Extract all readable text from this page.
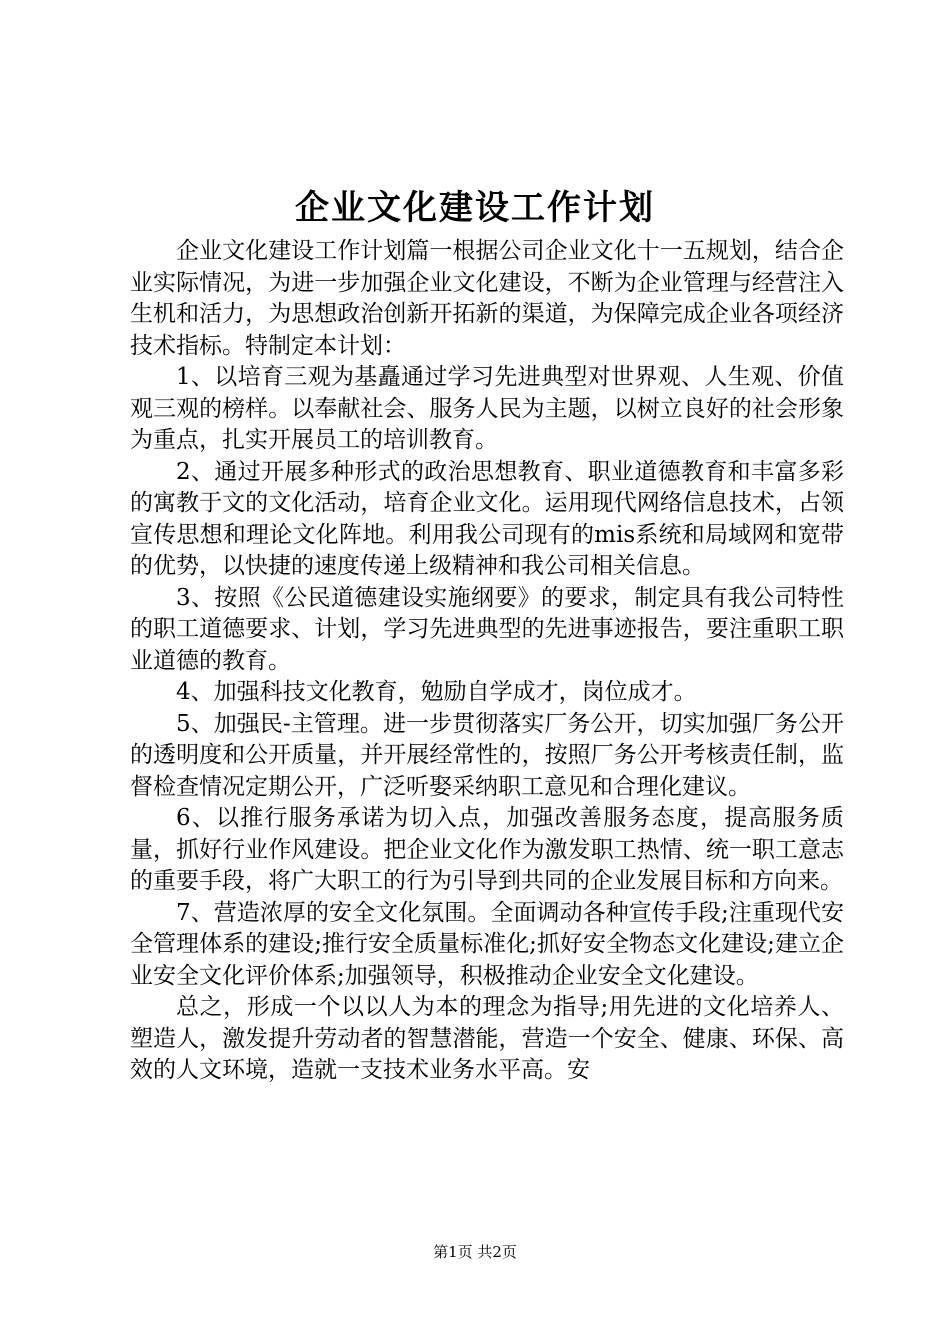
企业文化建设工作计划

企业文化建设工作计划篇一根据公司企业文化十一五规划，结合企业实际情况，为进一步加强企业文化建设，不断为企业管理与经营注入生机和活力，为思想政治创新开拓新的渠道，为保障完成企业各项经济技术指标。特制定本计划：

1、以培育三观为基矗通过学习先进典型对世界观、人生观、价值观三观的榜样。以奉献社会、服务人民为主题，以树立良好的社会形象为重点，扎实开展员工的培训教育。

2、通过开展多种形式的政治思想教育、职业道德教育和丰富多彩的寓教于文的文化活动，培育企业文化。运用现代网络信息技术，占领宣传思想和理论文化阵地。利用我公司现有的mis系统和局域网和宽带的优势，以快捷的速度传递上级精神和我公司相关信息。

3、按照《公民道德建设实施纲要》的要求，制定具有我公司特性的职工道德要求、计划，学习先进典型的先进事迹报告，要注重职工职业道德的教育。

4、加强科技文化教育，勉励自学成才，岗位成才。

5、加强民-主管理。进一步贯彻落实厂务公开，切实加强厂务公开的透明度和公开质量，并开展经常性的，按照厂务公开考核责任制，监督检查情况定期公开，广泛听娶采纳职工意见和合理化建议。

6、以推行服务承诺为切入点，加强改善服务态度，提高服务质量，抓好行业作风建设。把企业文化作为激发职工热情、统一职工意志的重要手段，将广大职工的行为引导到共同的企业发展目标和方向来。

7、营造浓厚的安全文化氛围。全面调动各种宣传手段;注重现代安全管理体系的建设;推行安全质量标准化;抓好安全物态文化建设;建立企业安全文化评价体系;加强领导，积极推动企业安全文化建设。

总之，形成一个以以人为本的理念为指导;用先进的文化培养人、塑造人，激发提升劳动者的智慧潜能，营造一个安全、健康、环保、高效的人文环境，造就一支技术业务水平高。安

第1页 共2页
